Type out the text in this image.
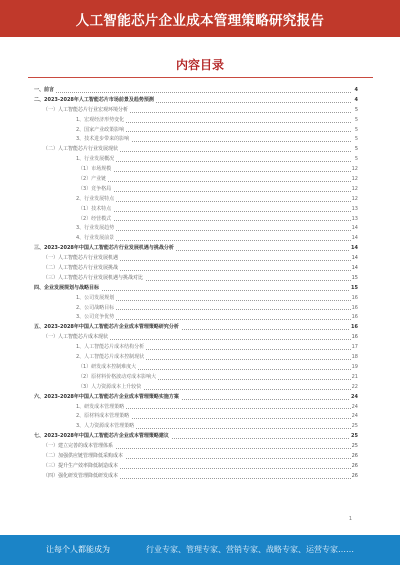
人工智能芯片企业成本管理策略研究报告
内容目录
一、前言	4
二、2023-2028年人工智能芯片市场前景及趋势预测	4
（一）人工智能芯片行业宏观环境分析	5
1、宏观经济形势变化	5
2、国家产业政策影响	5
3、技术进步带来的影响	5
（二）人工智能芯片行业发展现状	5
1、行业发展概况	5
（1）市场规模	12
（2）产业链	12
（3）竞争格局	12
2、行业发展特点	12
（1）技术特点	13
（2）经营模式	13
3、行业发展趋势	14
4、行业发展前景	14
三、2023-2028年中国人工智能芯片行业发展机遇与挑战分析	14
（一）人工智能芯片行业发展机遇	14
（二）人工智能芯片行业发展挑战	14
（三）人工智能芯片行业发展机遇与挑战对比	15
四、企业发展规划与战略目标	15
1、公司发展规划	16
2、公司战略目标	16
3、公司竞争优势	16
五、2023-2028年中国人工智能芯片企业成本管理策略研究分析	16
（一）人工智能芯片成本现状	16
1、人工智能芯片成本结构分析	17
2、人工智能芯片成本控制现状	18
（1）研发成本控制难度大	19
（2）原材料价格波动对成本影响大	21
（3）人力资源成本上升较快	22
六、2023-2028年中国人工智能芯片企业成本管理策略实施方案	24
1、研发成本管理策略	24
2、原材料成本管理策略	24
3、人力资源成本管理策略	25
七、2023-2028年中国人工智能芯片企业成本管理策略建议	25
（一）建立完善的成本管理体系	25
（二）加强供应链管理降低采购成本	26
（三）提升生产效率降低制造成本	26
（四）强化研发管理降低研发成本	26
1
让每个人都能成为	行业专家、管理专家、营销专家、战略专家、运营专家……
